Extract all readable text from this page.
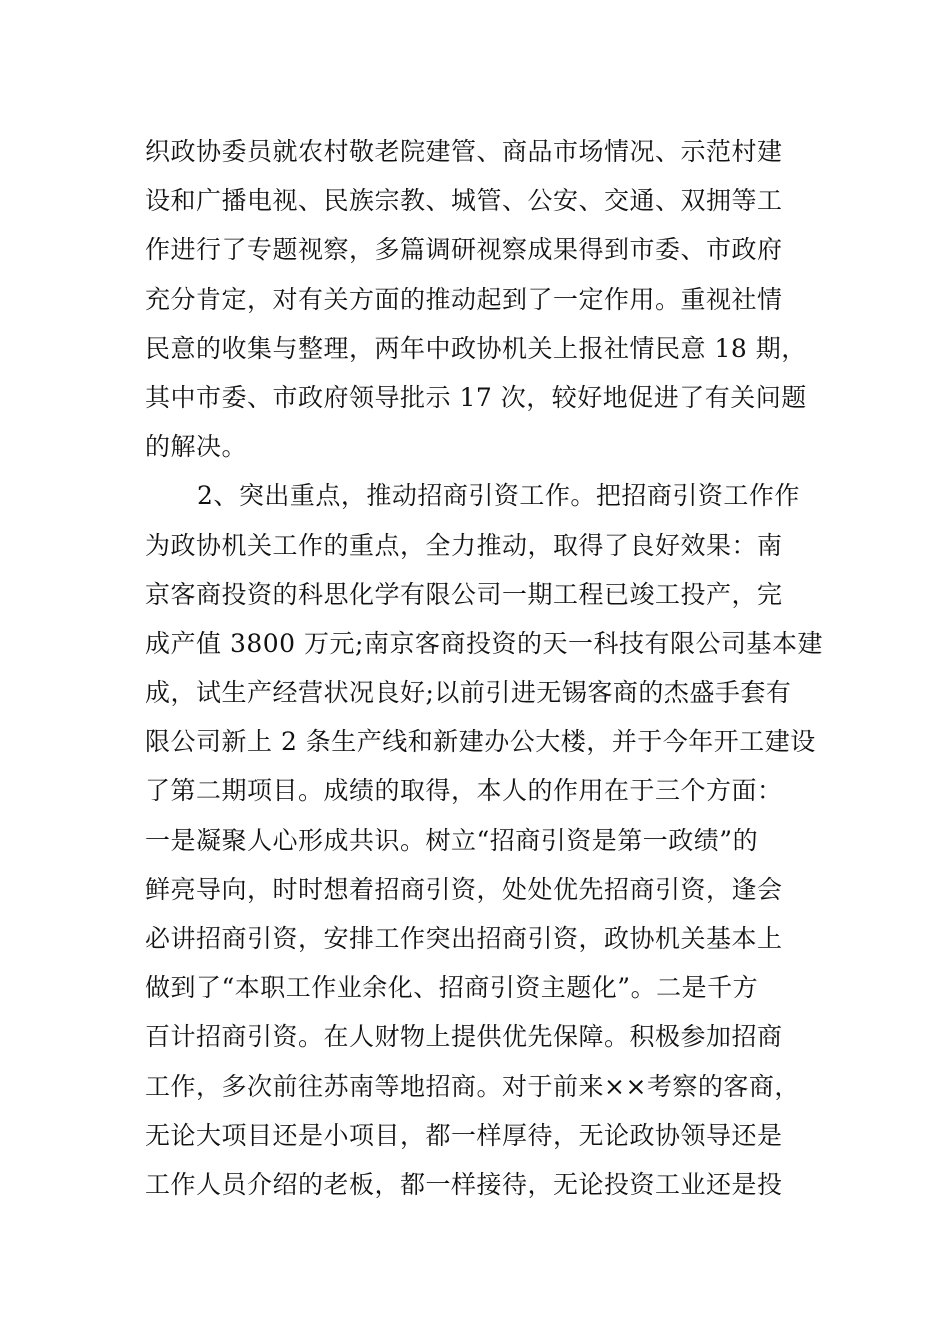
织政协委员就农村敬老院建管、商品市场情况、示范村建
设和广播电视、民族宗教、城管、公安、交通、双拥等工
作进行了专题视察，多篇调研视察成果得到市委、市政府
充分肯定，对有关方面的推动起到了一定作用。重视社情
民意的收集与整理，两年中政协机关上报社情民意 18 期，
其中市委、市政府领导批示 17 次，较好地促进了有关问题
的解决。
2、突出重点，推动招商引资工作。把招商引资工作作
为政协机关工作的重点，全力推动，取得了良好效果：南
京客商投资的科思化学有限公司一期工程已竣工投产，完
成产值 3800 万元;南京客商投资的天一科技有限公司基本建
成，试生产经营状况良好;以前引进无锡客商的杰盛手套有
限公司新上 2 条生产线和新建办公大楼，并于今年开工建设
了第二期项目。成绩的取得，本人的作用在于三个方面：
一是凝聚人心形成共识。树立“招商引资是第一政绩”的
鲜亮导向，时时想着招商引资，处处优先招商引资，逢会
必讲招商引资，安排工作突出招商引资，政协机关基本上
做到了“本职工作业余化、招商引资主题化”。二是千方
百计招商引资。在人财物上提供优先保障。积极参加招商
工作，多次前往苏南等地招商。对于前来××考察的客商，
无论大项目还是小项目，都一样厚待，无论政协领导还是
工作人员介绍的老板，都一样接待，无论投资工业还是投
